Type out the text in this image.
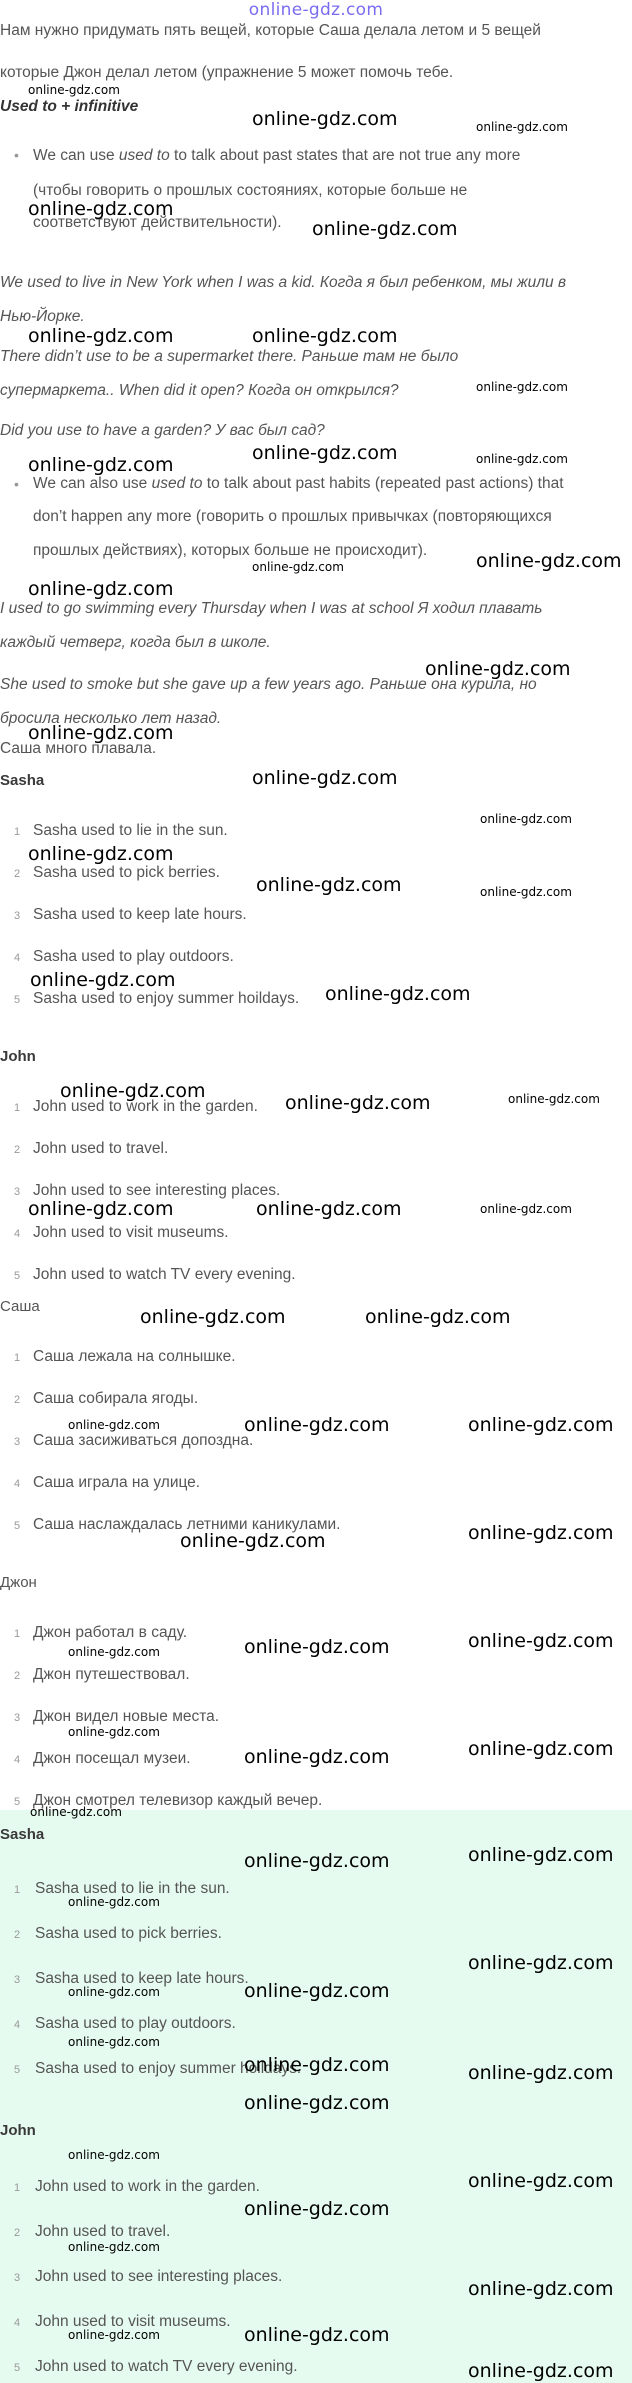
online-gdz.com
Нам нужно придумать пять вещей, которые Саша делала летом и 5 вещей
которые Джон делал летом (упражнение 5 может помочь тебе.
Used to + infinitive
• We can use used to to talk about past states that are not true any more
(чтобы говорить о прошлых состояниях, которые больше не
соответствуют действительности).
We used to live in New York when I was a kid. Когда я был ребенком, мы жили в
Нью-Йорке.
There didn’t use to be a supermarket there. Раньше там не было
супермаркета.. When did it open? Когда он открылся?
Did you use to have a garden? У вас был сад?
• We can also use used to to talk about past habits (repeated past actions) that
don’t happen any more (говорить о прошлых привычках (повторяющихся
прошлых действиях), которых больше не происходит).
I used to go swimming every Thursday when I was at school Я ходил плавать
каждый четверг, когда был в школе.
She used to smoke but she gave up a few years ago. Раньше она курила, но
бросила несколько лет назад.
Саша много плавала.
Sasha
1 Sasha used to lie in the sun.
2 Sasha used to pick berries.
3 Sasha used to keep late hours.
4 Sasha used to play outdoors.
5 Sasha used to enjoy summer hoildays.
John
1 John used to work in the garden.
2 John used to travel.
3 John used to see interesting places.
4 John used to visit museums.
5 John used to watch TV every evening.
Саша
1 Саша лежала на солнышке.
2 Саша собирала ягоды.
3 Саша засиживаться допоздна.
4 Саша играла на улице.
5 Саша наслаждалась летними каникулами.
Джон
1 Джон работал в саду.
2 Джон путешествовал.
3 Джон видел новые места.
4 Джон посещал музеи.
5 Джон смотрел телевизор каждый вечер.
Sasha
1 Sasha used to lie in the sun.
2 Sasha used to pick berries.
3 Sasha used to keep late hours.
4 Sasha used to play outdoors.
5 Sasha used to enjoy summer hoildays.
John
1 John used to work in the garden.
2 John used to travel.
3 John used to see interesting places.
4 John used to visit museums.
5 John used to watch TV every evening.
online-gdz.com
online-gdz.com	online-gdz.com
online-gdz.com
online-gdz.com
online-gdz.com	online-gdz.com
online-gdz.com
online-gdz.com
online-gdz.com	online-gdz.com
online-gdz.com
online-gdz.com
online-gdz.com
online-gdz.com
online-gdz.com
online-gdz.com
online-gdz.com
online-gdz.com
online-gdz.com	online-gdz.com
online-gdz.com
online-gdz.com
online-gdz.com
online-gdz.com	online-gdz.com
online-gdz.com	online-gdz.com	online-gdz.com
online-gdz.com	online-gdz.com
online-gdz.com	online-gdz.com	online-gdz.com
online-gdz.com	online-gdz.com
online-gdz.com	online-gdz.com	online-gdz.com
online-gdz.com
online-gdz.com	online-gdz.com
online-gdz.com
online-gdz.com	online-gdz.com
online-gdz.com
online-gdz.com
online-gdz.com	online-gdz.com
online-gdz.com
online-gdz.com	online-gdz.com
online-gdz.com
online-gdz.com
online-gdz.com
online-gdz.com
online-gdz.com
online-gdz.com
online-gdz.com	online-gdz.com
online-gdz.com
